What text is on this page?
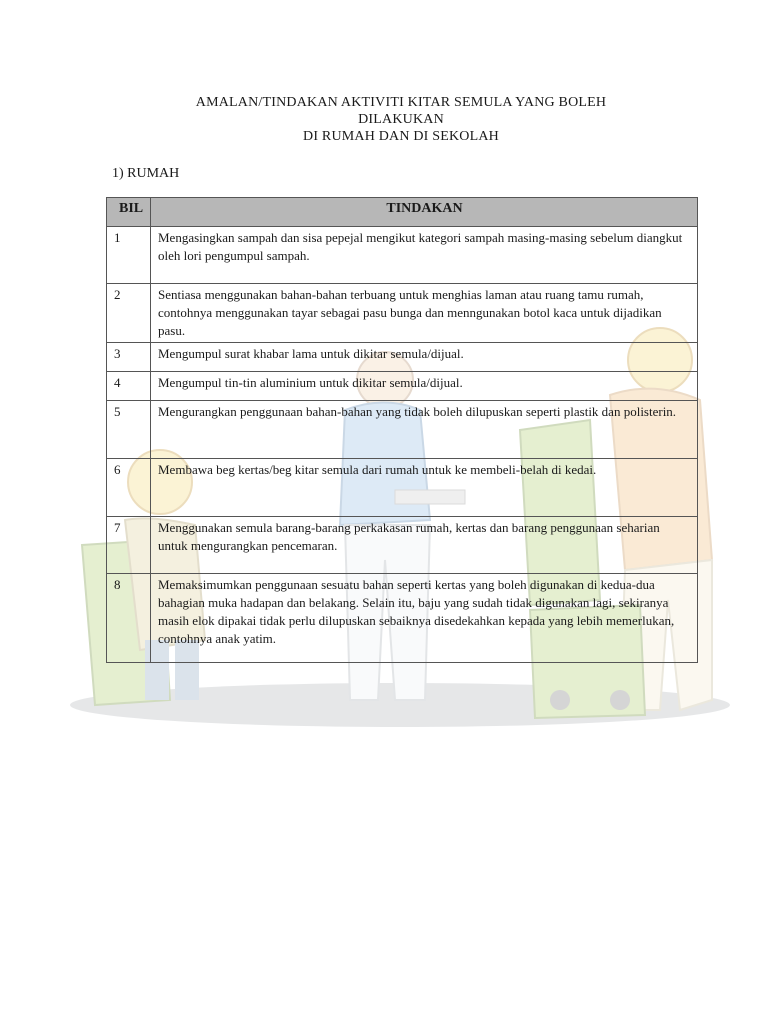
AMALAN/TINDAKAN AKTIVITI KITAR SEMULA YANG BOLEH
DILAKUKAN
DI RUMAH DAN DI SEKOLAH
1) RUMAH
BIL	TINDAKAN
1	Mengasingkan sampah dan sisa pepejal mengikut kategori sampah masing-masing sebelum diangkut oleh lori pengumpul sampah.
2	Sentiasa menggunakan bahan-bahan terbuang untuk menghias laman atau ruang tamu rumah, contohnya menggunakan tayar sebagai pasu bunga dan menngunakan botol kaca untuk dijadikan pasu.
3	Mengumpul surat khabar lama untuk dikitar semula/dijual.
4	Mengumpul tin-tin aluminium untuk dikitar semula/dijual.
5	Mengurangkan penggunaan bahan-bahan yang tidak boleh dilupuskan seperti plastik dan polisterin.
6	Membawa beg kertas/beg kitar semula dari rumah untuk ke membeli-belah di kedai.
7	Menggunakan semula barang-barang perkakasan rumah, kertas dan barang penggunaan seharian untuk mengurangkan pencemaran.
8	Memaksimumkan penggunaan sesuatu bahan seperti kertas yang boleh digunakan di kedua-dua bahagian muka hadapan dan belakang. Selain itu, baju yang sudah tidak digunakan lagi, sekiranya masih elok dipakai tidak perlu dilupuskan sebaiknya disedekahkan kepada yang lebih memerlukan, contohnya anak yatim.
